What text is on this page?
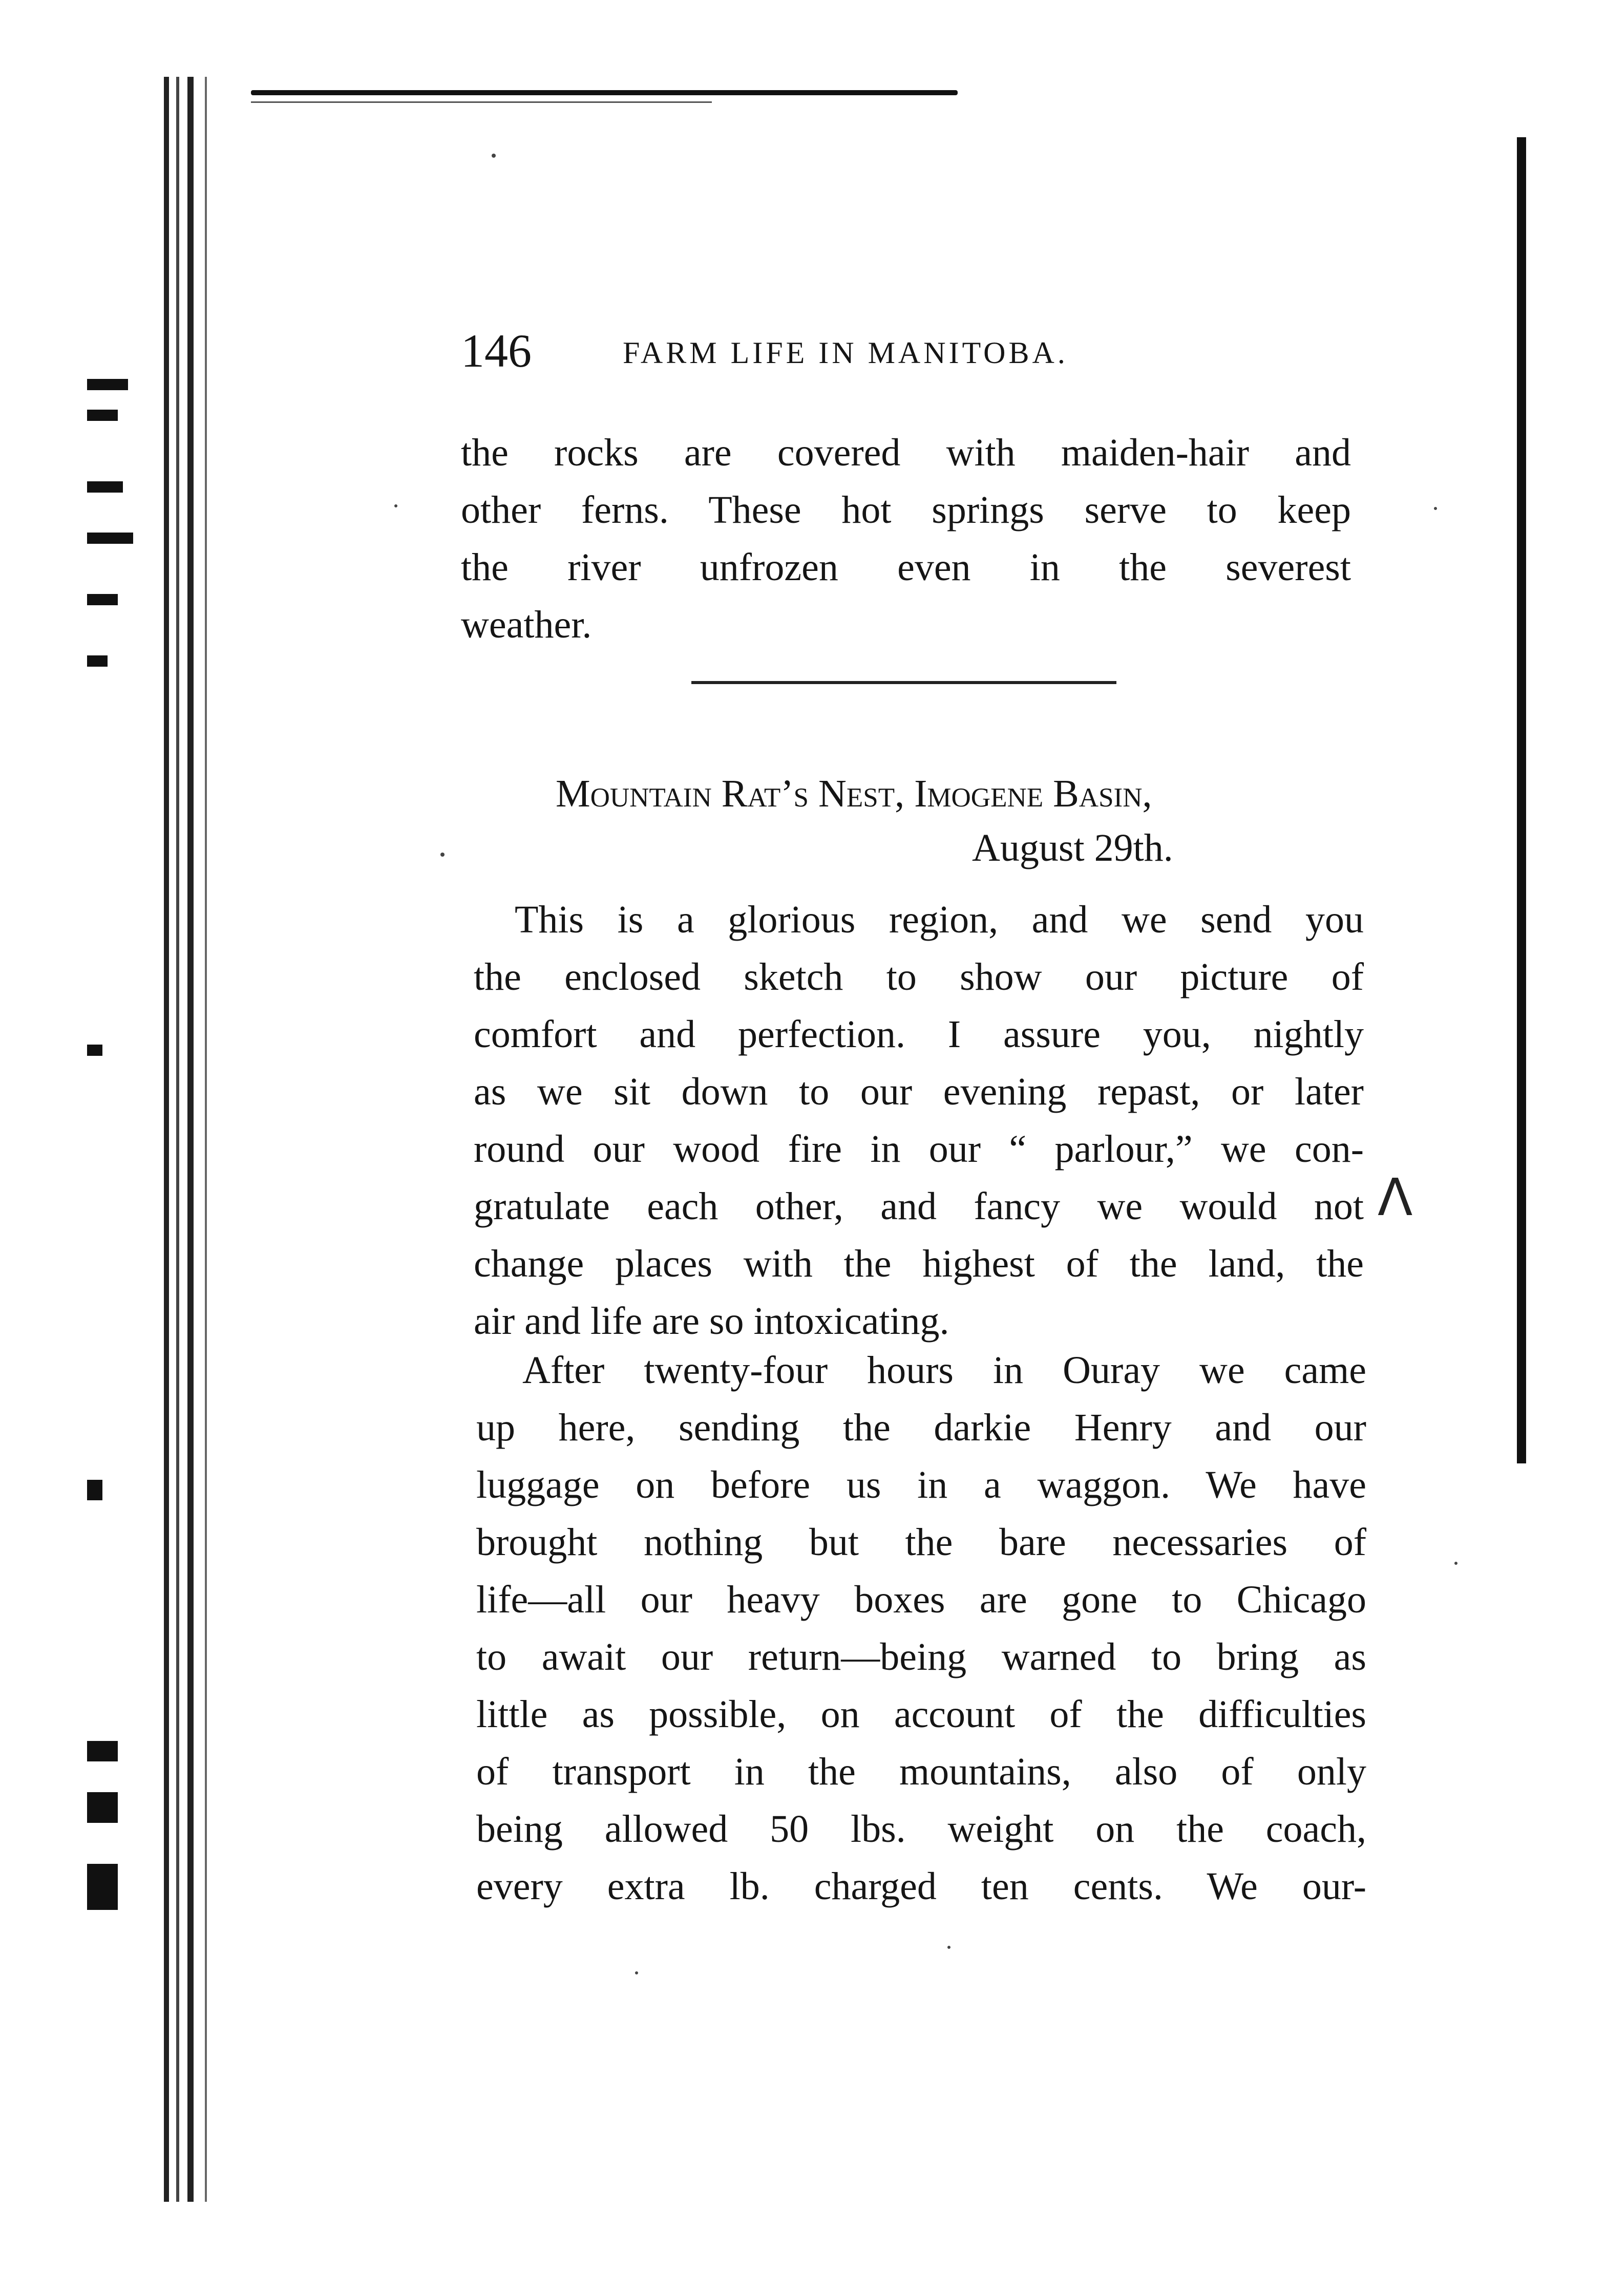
146	FARM LIFE IN MANITOBA.
the rocks are covered with maiden-hair and
other ferns. These hot springs serve to keep
the river unfrozen even in the severest
weather.
Mountain Rat’s Nest, Imogene Basin,
August 29th.
This is a glorious region, and we send you
the enclosed sketch to show our picture of
comfort and perfection. I assure you, nightly
as we sit down to our evening repast, or later
round our wood fire in our “ parlour,” we con-
gratulate each other, and fancy we would not
change places with the highest of the land, the
air and life are so intoxicating.
After twenty-four hours in Ouray we came
up here, sending the darkie Henry and our
luggage on before us in a waggon. We have
brought nothing but the bare necessaries of
life—all our heavy boxes are gone to Chicago
to await our return—being warned to bring as
little as possible, on account of the difficulties
of transport in the mountains, also of only
being allowed 50 lbs. weight on the coach,
every extra lb. charged ten cents. We our-
ⴷ
